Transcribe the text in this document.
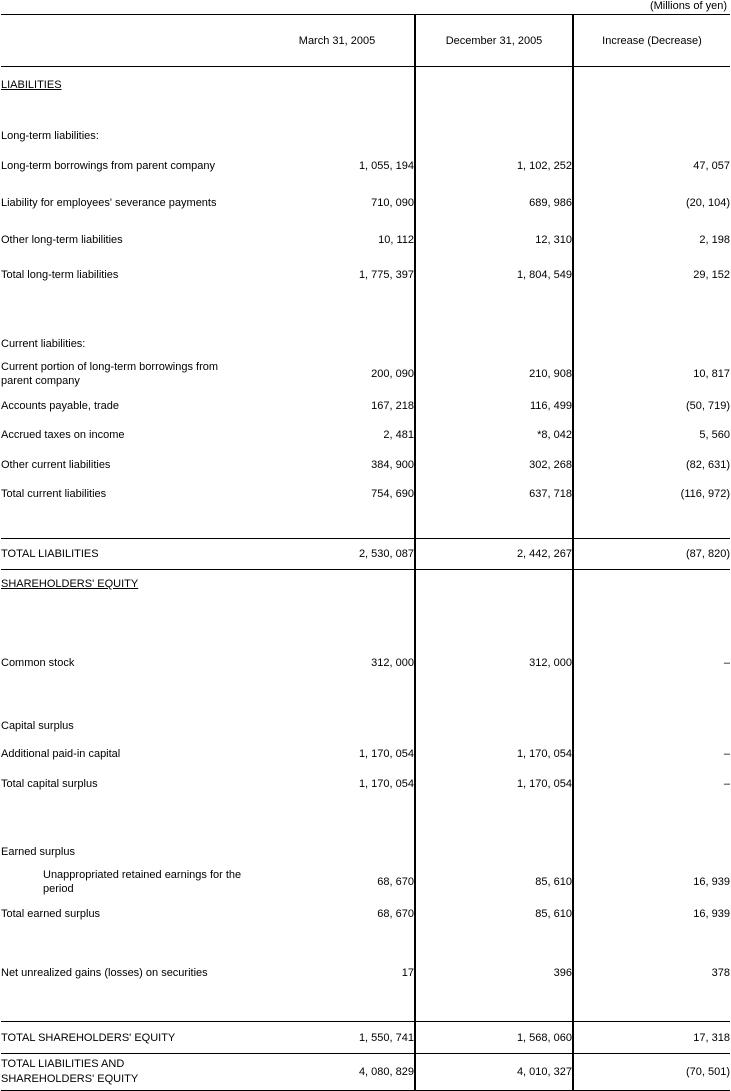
(Millions of yen)
	March 31, 2005	December 31, 2005	Increase (Decrease)
LIABILITIES			

Long-term liabilities:			
Long-term borrowings from parent company	1, 055, 194	1, 102, 252	47, 057
Liability for employees' severance payments	710, 090	689, 986	(20, 104)
Other long-term liabilities	10, 112	12, 310	2, 198
Total long-term liabilities	1, 775, 397	1, 804, 549	29, 152

Current liabilities:			
Current portion of long-term borrowings from parent company	200, 090	210, 908	10, 817
Accounts payable, trade	167, 218	116, 499	(50, 719)
Accrued taxes on income	2, 481	*8, 042	5, 560
Other current liabilities	384, 900	302, 268	(82, 631)
Total current liabilities	754, 690	637, 718	(116, 972)

TOTAL LIABILITIES	2, 530, 087	2, 442, 267	(87, 820)
SHAREHOLDERS' EQUITY			

Common stock	312, 000	312, 000	–

Capital surplus			
Additional paid-in capital	1, 170, 054	1, 170, 054	–
Total capital surplus	1, 170, 054	1, 170, 054	–

Earned surplus			
Unappropriated retained earnings for the period	68, 670	85, 610	16, 939
Total earned surplus	68, 670	85, 610	16, 939

Net unrealized gains (losses) on securities	17	396	378

TOTAL SHAREHOLDERS' EQUITY	1, 550, 741	1, 568, 060	17, 318
TOTAL LIABILITIES AND
SHAREHOLDERS' EQUITY	4, 080, 829	4, 010, 327	(70, 501)
